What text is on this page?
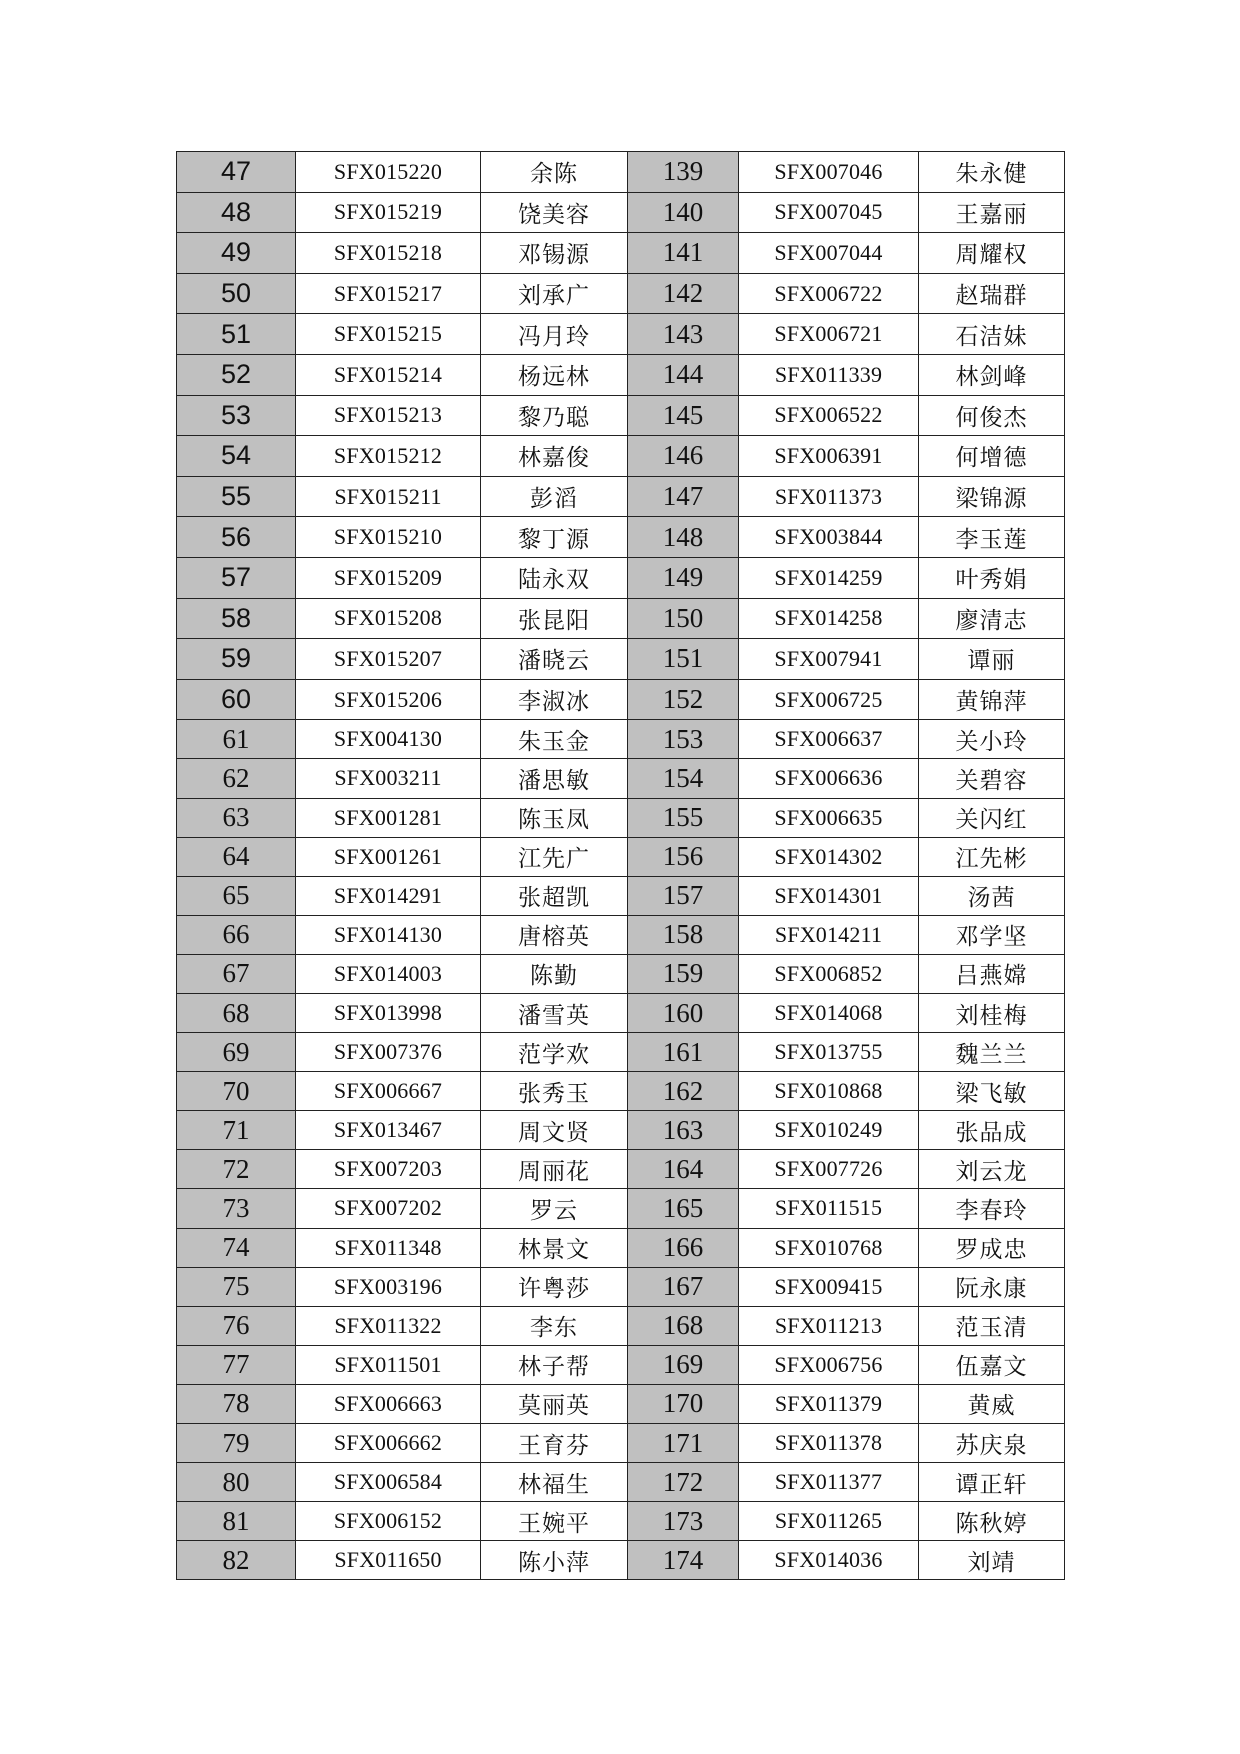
47	SFX015220	余陈	139	SFX007046	朱永健
48	SFX015219	饶美容	140	SFX007045	王嘉丽
49	SFX015218	邓锡源	141	SFX007044	周耀权
50	SFX015217	刘承广	142	SFX006722	赵瑞群
51	SFX015215	冯月玲	143	SFX006721	石洁妹
52	SFX015214	杨远林	144	SFX011339	林剑峰
53	SFX015213	黎乃聪	145	SFX006522	何俊杰
54	SFX015212	林嘉俊	146	SFX006391	何增德
55	SFX015211	彭滔	147	SFX011373	梁锦源
56	SFX015210	黎丁源	148	SFX003844	李玉莲
57	SFX015209	陆永双	149	SFX014259	叶秀娟
58	SFX015208	张昆阳	150	SFX014258	廖清志
59	SFX015207	潘晓云	151	SFX007941	谭丽
60	SFX015206	李淑冰	152	SFX006725	黄锦萍
61	SFX004130	朱玉金	153	SFX006637	关小玲
62	SFX003211	潘思敏	154	SFX006636	关碧容
63	SFX001281	陈玉凤	155	SFX006635	关闪红
64	SFX001261	江先广	156	SFX014302	江先彬
65	SFX014291	张超凯	157	SFX014301	汤茜
66	SFX014130	唐榕英	158	SFX014211	邓学坚
67	SFX014003	陈勤	159	SFX006852	吕燕嫦
68	SFX013998	潘雪英	160	SFX014068	刘桂梅
69	SFX007376	范学欢	161	SFX013755	魏兰兰
70	SFX006667	张秀玉	162	SFX010868	梁飞敏
71	SFX013467	周文贤	163	SFX010249	张品成
72	SFX007203	周丽花	164	SFX007726	刘云龙
73	SFX007202	罗云	165	SFX011515	李春玲
74	SFX011348	林景文	166	SFX010768	罗成忠
75	SFX003196	许粤莎	167	SFX009415	阮永康
76	SFX011322	李东	168	SFX011213	范玉清
77	SFX011501	林子帮	169	SFX006756	伍嘉文
78	SFX006663	莫丽英	170	SFX011379	黄威
79	SFX006662	王育芬	171	SFX011378	苏庆泉
80	SFX006584	林福生	172	SFX011377	谭正轩
81	SFX006152	王婉平	173	SFX011265	陈秋婷
82	SFX011650	陈小萍	174	SFX014036	刘靖
